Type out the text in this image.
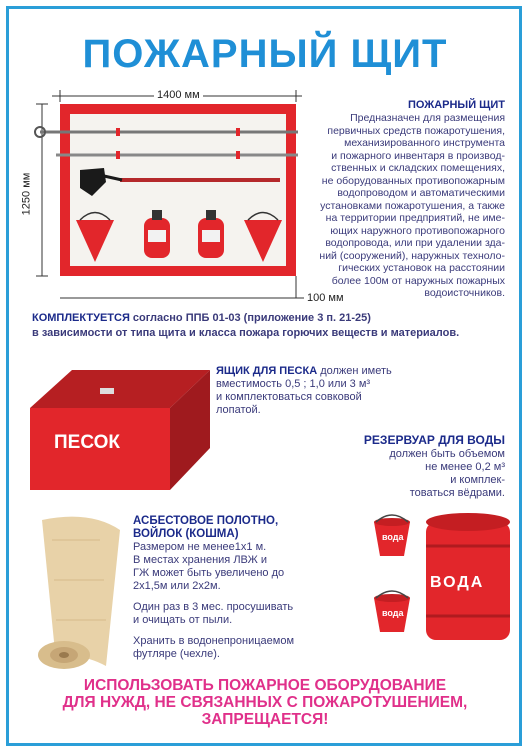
ПОЖАРНЫЙ ЩИТ
1400 мм
1250 мм
100 мм
ПОЖАРНЫЙ ЩИТ
Предназначен для размещения
первичных средств пожаротушения,
механизированного инструмента
и пожарного инвентаря в производ-
ственных и складских помещениях,
не оборудованных противопожарным
водопроводом и автоматическими
установками пожаротушения, а также
на территории предприятий, не име-
ющих наружного противопожарного
водопровода, или при удалении зда-
ний (сооружений), наружных техноло-
гических установок на расстоянии
более 100м от наружных пожарных
водоисточников.
КОМПЛЕКТУЕТСЯ согласно ППБ 01-03 (приложение 3 п. 21-25)
в зависимости от типа щита и класса пожара горючих веществ и материалов.
ПЕСОК
ЯЩИК ДЛЯ ПЕСКА должен иметь
вместимость 0,5 ; 1,0 или 3 м³
и комплектоваться совковой
лопатой.
РЕЗЕРВУАР ДЛЯ ВОДЫ
должен быть объемом
не менее 0,2 м³
и комплек-
товаться вёдрами.
вода
вода
ВОДА
АСБЕСТОВОЕ ПОЛОТНО,
ВОЙЛОК (КОШМА)
Размером не менее1х1 м.
В местах хранения ЛВЖ и
ГЖ может быть увеличено до
2х1,5м или 2х2м.
Один раз в 3 мес. просушивать
и очищать от пыли.
Хранить в водонепроницаемом
футляре (чехле).
ИСПОЛЬЗОВАТЬ ПОЖАРНОЕ ОБОРУДОВАНИЕ
ДЛЯ НУЖД, НЕ СВЯЗАННЫХ С ПОЖАРОТУШЕНИЕМ,
ЗАПРЕЩАЕТСЯ!
